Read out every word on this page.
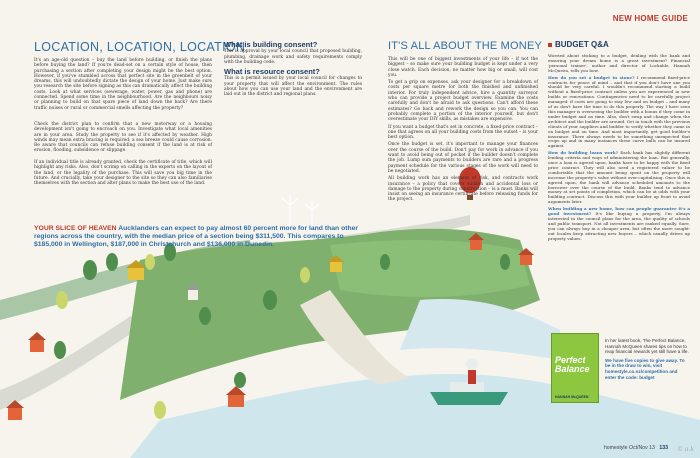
NEW HOME GUIDE
LOCATION, LOCATION, LOCATION

It's an age-old question – buy the land before building, or finish the plans before buying the land? If you're dead-set on a certain style of house, then purchasing a section after completing your design might be the best option. However, if you've stumbled across that perfect site in the greenbelt of your dreams, this will undoubtedly dictate the design of your home. Just make sure you research the site before signing as this can dramatically affect the building costs. Look at what services (sewerage, water, power, gas and phone) are connected. Spend some time in the neighbourhood. Are the neighbours noisy or planning to build on that spare piece of land down the back? Are there traffic noises or rural or commercial smells affecting the property?

Check the district plan to confirm that a new motorway or a housing development isn't going to encroach on you. Investigate what local amenities are in your area. Study the property to see if it's affected by weather. High winds may mean extra bracing is required; a sea breeze could cause corrosion. Be aware that councils can refuse building consent if the land is at risk of erosion, flooding, subsidence or slippage.

If an individual title is already granted, check the certificate of title, which will highlight any risks. Also, don't scrimp on calling in the experts on the layout of the land, or the legality of the purchase. This will save you big time in the future. And crucially, take your designer to the site so they can also familiarise themselves with the section and alter plans to make the best use of the land.

What is building consent?

This is approval by your local council that proposed building, plumbing, drainage work and safety requirements comply with the building code.

What is resource consent?

This is a permit issued by your local council for changes to your property that will affect the environment. The rules about how you can use your land and the environment are laid out in the district and regional plans.

YOUR SLICE OF HEAVEN Aucklanders can expect to pay almost 60 percent more for land than other regions across the country, with the median price of a section being $311,500. This compares to $185,000 in Wellington, $187,000 in Christchurch and $136,000 in Dunedin.
IT'S ALL ABOUT THE MONEY

This will be one of biggest investments of your life – if not the biggest – so make sure your building budget is kept under a very close watch. Each decision, no matter how big or small, will cost you.

To get a grip on expenses, ask your designer for a breakdown of costs per square metre for both the finished and unfinished interior. For truly independent advice, hire a quantity surveyor who can provide a project budget overview. Examine the costs carefully and don't be afraid to ask questions. Can't afford these estimates? Go back and rework the design so you can. You can probably complete a portion of the interior yourself, but don't overestimate your DIY skills, as mistakes are expensive.

If you want a budget that's set in concrete, a fixed-price contract – one that agrees on all your building costs from the outset – is your best option.

Once the budget is set, it's important to manage your finances over the course of the build. Don't pay for work in advance if you want to avoid being out of pocket if the builder doesn't complete the job. Lump sum payments to builders are rare and a progress payment schedule for the various stages of the work will need to be negotiated.

All building work has an element of risk, and contracts work insurance – a policy that covers sudden and accidental loss or damage to the property during construction – is a must. Banks will insist on seeing an insurance certificate before releasing funds for the project.

BUDGET Q&A

Worried about sticking to a budget, dealing with the bank and ensuring your dream home is a great investment? Financial 'personal trainer', author and director of Lockable, Hannah McQueen, tells you how.

How do you set a budget in stone? I recommend fixed-price contracts for peace of mind – and that if you don't have one you should be very careful. I wouldn't recommend starting a build without a fixed-price contract unless you are experienced in new builds or renovations. Contingencies need to be carefully project managed: if costs are going to stay low and on budget – and many of us don't have the time to do this properly. The way I have seen this manager is overseeing the builder with a bonus if they come in under budget and on time. Also, don't swap and change when the architect and the builder are around. Get in touch with the previous clients of your suppliers and builder to verify whether they came in on budget and on time. And most importantly, get good builder's insurance. There always needs to be something unexpected that crops up and in many instances these curve balls can be insured against.

How do building loans work? Each bank has slightly different lending criteria and ways of administering the loan. But generally, once a loan is agreed upon, banks have to be happy with the fixed price contract. They will also need a registered valuer to be comfortable that the amount being spent on the property will increase the property's value without over-capitalising. Once this is agreed upon, the bank will advance scheduled amounts to the borrower over the course of the build. Banks tend to advance money at set points of completion, which can be at odds with your building contract. Discuss this with your builder up front to avoid arguments later.

When building a new home, how can people guarantee it's a good investment? It's like buying a property, I'm always interested in the council plans for the area, the quality of schools and public transport. Not all investments are ranked equally. Sure, you can always buy in a cheaper area, but often the more sought-out locales keep attracting new buyers – which usually drives up property values.

Perfect
Balance
HANNAH McQUEEN
In her latest book, The Perfect Balance, Hannah McQueen shares tips on how to reap financial rewards yet still have a life.
We have five copies to give away. To be in the draw to win, visit homestyle.co.nz/competition and enter the code: budget
homestyle Oct/Nov 13 133 © a.k
